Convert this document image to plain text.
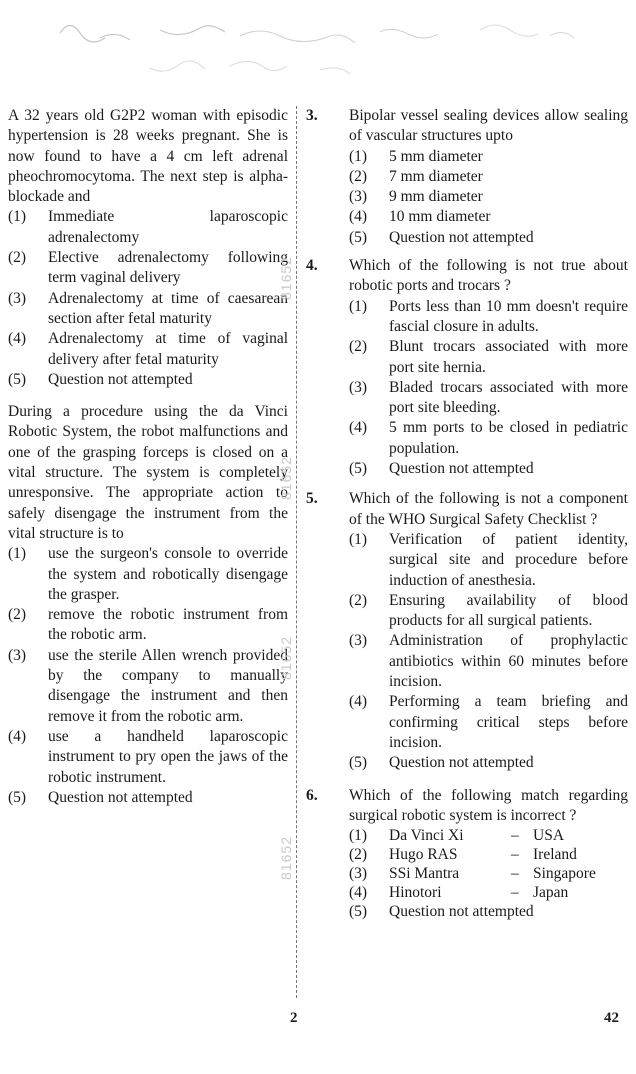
A 32 years old G2P2 woman with episodic hypertension is 28 weeks pregnant. She is now found to have a 4 cm left adrenal pheochromocytoma. The next step is alpha-blockade and
(1)	Immediate laparoscopic adrenalectomy
(2)	Elective adrenalectomy following term vaginal delivery
(3)	Adrenalectomy at time of caesarean section after fetal maturity
(4)	Adrenalectomy at time of vaginal delivery after fetal maturity
(5)	Question not attempted
During a procedure using the da Vinci Robotic System, the robot malfunctions and one of the grasping forceps is closed on a vital structure. The system is completely unresponsive. The appropriate action to safely disengage the instrument from the vital structure is to
(1)	use the surgeon's console to override the system and robotically disengage the grasper.
(2)	remove the robotic instrument from the robotic arm.
(3)	use the sterile Allen wrench provided by the company to manually disengage the instrument and then remove it from the robotic arm.
(4)	use a handheld laparoscopic instrument to pry open the jaws of the robotic instrument.
(5)	Question not attempted
3.	Bipolar vessel sealing devices allow sealing of vascular structures upto
(1)	5 mm diameter
(2)	7 mm diameter
(3)	9 mm diameter
(4)	10 mm diameter
(5)	Question not attempted
4.	Which of the following is not true about robotic ports and trocars ?
(1)	Ports less than 10 mm doesn't require fascial closure in adults.
(2)	Blunt trocars associated with more port site hernia.
(3)	Bladed trocars associated with more port site bleeding.
(4)	5 mm ports to be closed in pediatric population.
(5)	Question not attempted
5.	Which of the following is not a component of the WHO Surgical Safety Checklist ?
(1)	Verification of patient identity, surgical site and procedure before induction of anesthesia.
(2)	Ensuring availability of blood products for all surgical patients.
(3)	Administration of prophylactic antibiotics within 60 minutes before incision.
(4)	Performing a team briefing and confirming critical steps before incision.
(5)	Question not attempted
6.	Which of the following match regarding surgical robotic system is incorrect ?
(1)	Da Vinci Xi	– USA
(2)	Hugo RAS	– Ireland
(3)	SSi Mantra	– Singapore
(4)	Hinotori	– Japan
(5)	Question not attempted
81652
81652
81652
81652
2	42
